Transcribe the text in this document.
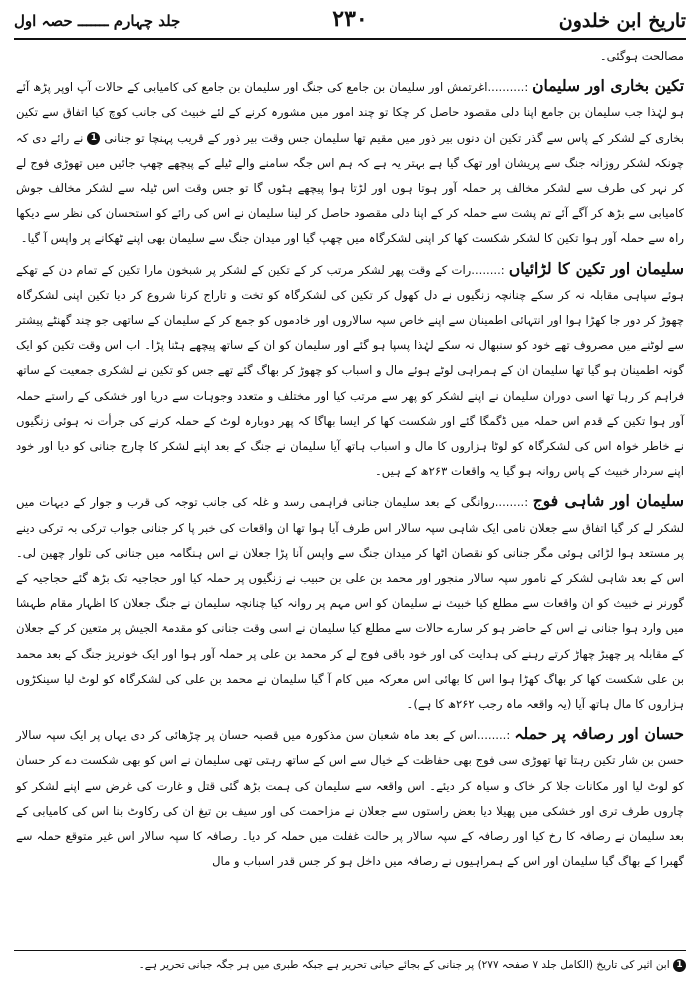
تاریخ ابن خلدون
۲۳۰
جلد چہارم ـــــــ حصہ اول

مصالحت ہوگئی۔

تکین بخاری اور سلیمان :..........اغرتمش اور سلیمان بن جامع کی جنگ اور سلیمان بن جامع کی کامیابی کے حالات آپ اوپر پڑھ آئے ہو لہٰذا جب سلیمان بن جامع اپنا دلی مقصود حاصل کر چکا تو چند امور میں مشورہ کرنے کے لئے خبیث کی جانب کوچ کیا اتفاق سے تکین بخاری کے لشکر کے پاس سے گذر تکین ان دنوں بیر ذور میں مقیم تھا سلیمان جس وقت بیر ذور کے قریب پہنچا تو جنانی 1 نے رائے دی کہ چونکہ لشکر روزانہ جنگ سے پریشان اور تھک گیا ہے بہتر یہ ہے کہ ہم اس جگہ سامنے والے ٹیلے کے پیچھے چھپ جائیں میں تھوڑی فوج لے کر نہر کی طرف سے لشکر مخالف پر حملہ آور ہوتا ہوں اور لڑتا ہوا پیچھے ہٹوں گا تو جس وقت اس ٹیلہ سے لشکر مخالف جوش کامیابی سے بڑھ کر آگے آئے تم پشت سے حملہ کر کے اپنا دلی مقصود حاصل کر لینا سلیمان نے اس کی رائے کو استحسان کی نظر سے دیکھا راہ سے حملہ آور ہوا تکین کا لشکر شکست کھا کر اپنی لشکرگاہ میں چھپ گیا اور میدان جنگ سے سلیمان بھی اپنے ٹھکانے پر واپس آ گیا۔

سلیمان اور تکین کا لڑائیاں :........رات کے وقت پھر لشکر مرتب کر کے تکین کے لشکر پر شبخون مارا تکین کے تمام دن کے تھکے ہوئے سپاہی مقابلہ نہ کر سکے چنانچہ زنگیوں نے دل کھول کر تکین کی لشکرگاہ کو تخت و تاراج کرنا شروع کر دیا تکین اپنی لشکرگاہ چھوڑ کر دور جا کھڑا ہوا اور انتہائی اطمینان سے اپنے خاص سپہ سالاروں اور خادموں کو جمع کر کے سلیمان کے ساتھی جو چند گھنٹے پیشتر سے لوٹنے میں مصروف تھے خود کو سنبھال نہ سکے لہٰذا پسپا ہو گئے اور سلیمان کو ان کے ساتھ پیچھے ہٹنا پڑا۔ اب اس وقت تکین کو ایک گونہ اطمینان ہو گیا تھا سلیمان ان کے ہمراہی لوٹے ہوئے مال و اسباب کو چھوڑ کر بھاگ گئے تھے جس کو تکین نے لشکری جمعیت کے ساتھ فراہم کر رہا تھا اسی دوران سلیمان نے اپنے لشکر کو پھر سے مرتب کیا اور مختلف و متعدد وجوہات سے دریا اور خشکی کے راستے حملہ آور ہوا تکین کے قدم اس حملہ میں ڈگمگا گئے اور شکست کھا کر ایسا بھاگا کہ پھر دوبارہ لوٹ کے حملہ کرنے کی جرأت نہ ہوئی زنگیوں نے خاطر خواہ اس کی لشکرگاہ کو لوٹا ہزاروں کا مال و اسباب ہاتھ آیا سلیمان نے جنگ کے بعد اپنے لشکر کا چارج جنانی کو دیا اور خود اپنے سردار خبیث کے پاس روانہ ہو گیا یہ واقعات ۲۶۳ھ کے ہیں۔

سلیمان اور شاہی فوج :........روانگی کے بعد سلیمان جنانی فراہمی رسد و غلہ کی جانب توجہ کی قرب و جوار کے دیہات میں لشکر لے کر گیا اتفاق سے جعلان نامی ایک شاہی سپہ سالار اس طرف آیا ہوا تھا ان واقعات کی خبر پا کر جنانی جواب ترکی بہ ترکی دینے پر مستعد ہوا لڑائی ہوئی مگر جنانی کو نقصان اٹھا کر میدان جنگ سے واپس آنا پڑا جعلان نے اس ہنگامہ میں جنانی کی تلوار چھین لی۔ اس کے بعد شاہی لشکر کے نامور سپہ سالار منجور اور محمد بن علی بن حبیب نے زنگیوں پر حملہ کیا اور حجاجیہ تک بڑھ گئے حجاجیہ کے گورنر نے خبیث کو ان واقعات سے مطلع کیا خبیث نے سلیمان کو اس مہم پر روانہ کیا چنانچہ سلیمان نے جنگ جعلان کا اظہار مقام طہشا میں وارد ہوا جنانی نے اس کے حاضر ہو کر سارے حالات سے مطلع کیا سلیمان نے اسی وقت جنانی کو مقدمۃ الجیش پر متعین کر کے جعلان کے مقابلہ پر چھیڑ چھاڑ کرتے رہنے کی ہدایت کی اور خود باقی فوج لے کر محمد بن علی پر حملہ آور ہوا اور ایک خونریز جنگ کے بعد محمد بن علی شکست کھا کر بھاگ کھڑا ہوا اس کا بھائی اس معرکہ میں کام آ گیا سلیمان نے محمد بن علی کی لشکرگاہ کو لوٹ لیا سینکڑوں ہزاروں کا مال ہاتھ آیا (یہ واقعہ ماہ رجب ۲۶۲ھ کا ہے)۔

حسان اور رصافہ پر حملہ :........اس کے بعد ماہ شعبان سن مذکورہ میں قصبہ حسان پر چڑھائی کر دی یہاں پر ایک سپہ سالار حسن بن شار تکین رہتا تھا تھوڑی سی فوج بھی حفاظت کے خیال سے اس کے ساتھ رہتی تھی سلیمان نے اس کو بھی شکست دے کر حسان کو لوٹ لیا اور مکانات جلا کر خاک و سیاہ کر دیئے۔ اس واقعہ سے سلیمان کی ہمت بڑھ گئی قتل و غارت کی غرض سے اپنے لشکر کو چاروں طرف تری اور خشکی میں پھیلا دیا بعض راستوں سے جعلان نے مزاحمت کی اور سیف بن تیغ ان کی رکاوٹ بنا اس کی کامیابی کے بعد سلیمان نے رصافہ کا رخ کیا اور رصافہ کے سپہ سالار پر حالت غفلت میں حملہ کر دیا۔ رصافہ کا سپہ سالار اس غیر متوقع حملہ سے گھبرا کے بھاگ گیا سلیمان اور اس کے ہمراہیوں نے رصافہ میں داخل ہو کر جس قدر اسباب و مال

1 ابن اثیر کی تاریخ (الکامل جلد ۷ صفحہ ۲۷۷) پر جنانی کے بجائے حیانی تحریر ہے جبکہ طبری میں ہر جگہ جبانی تحریر ہے۔
